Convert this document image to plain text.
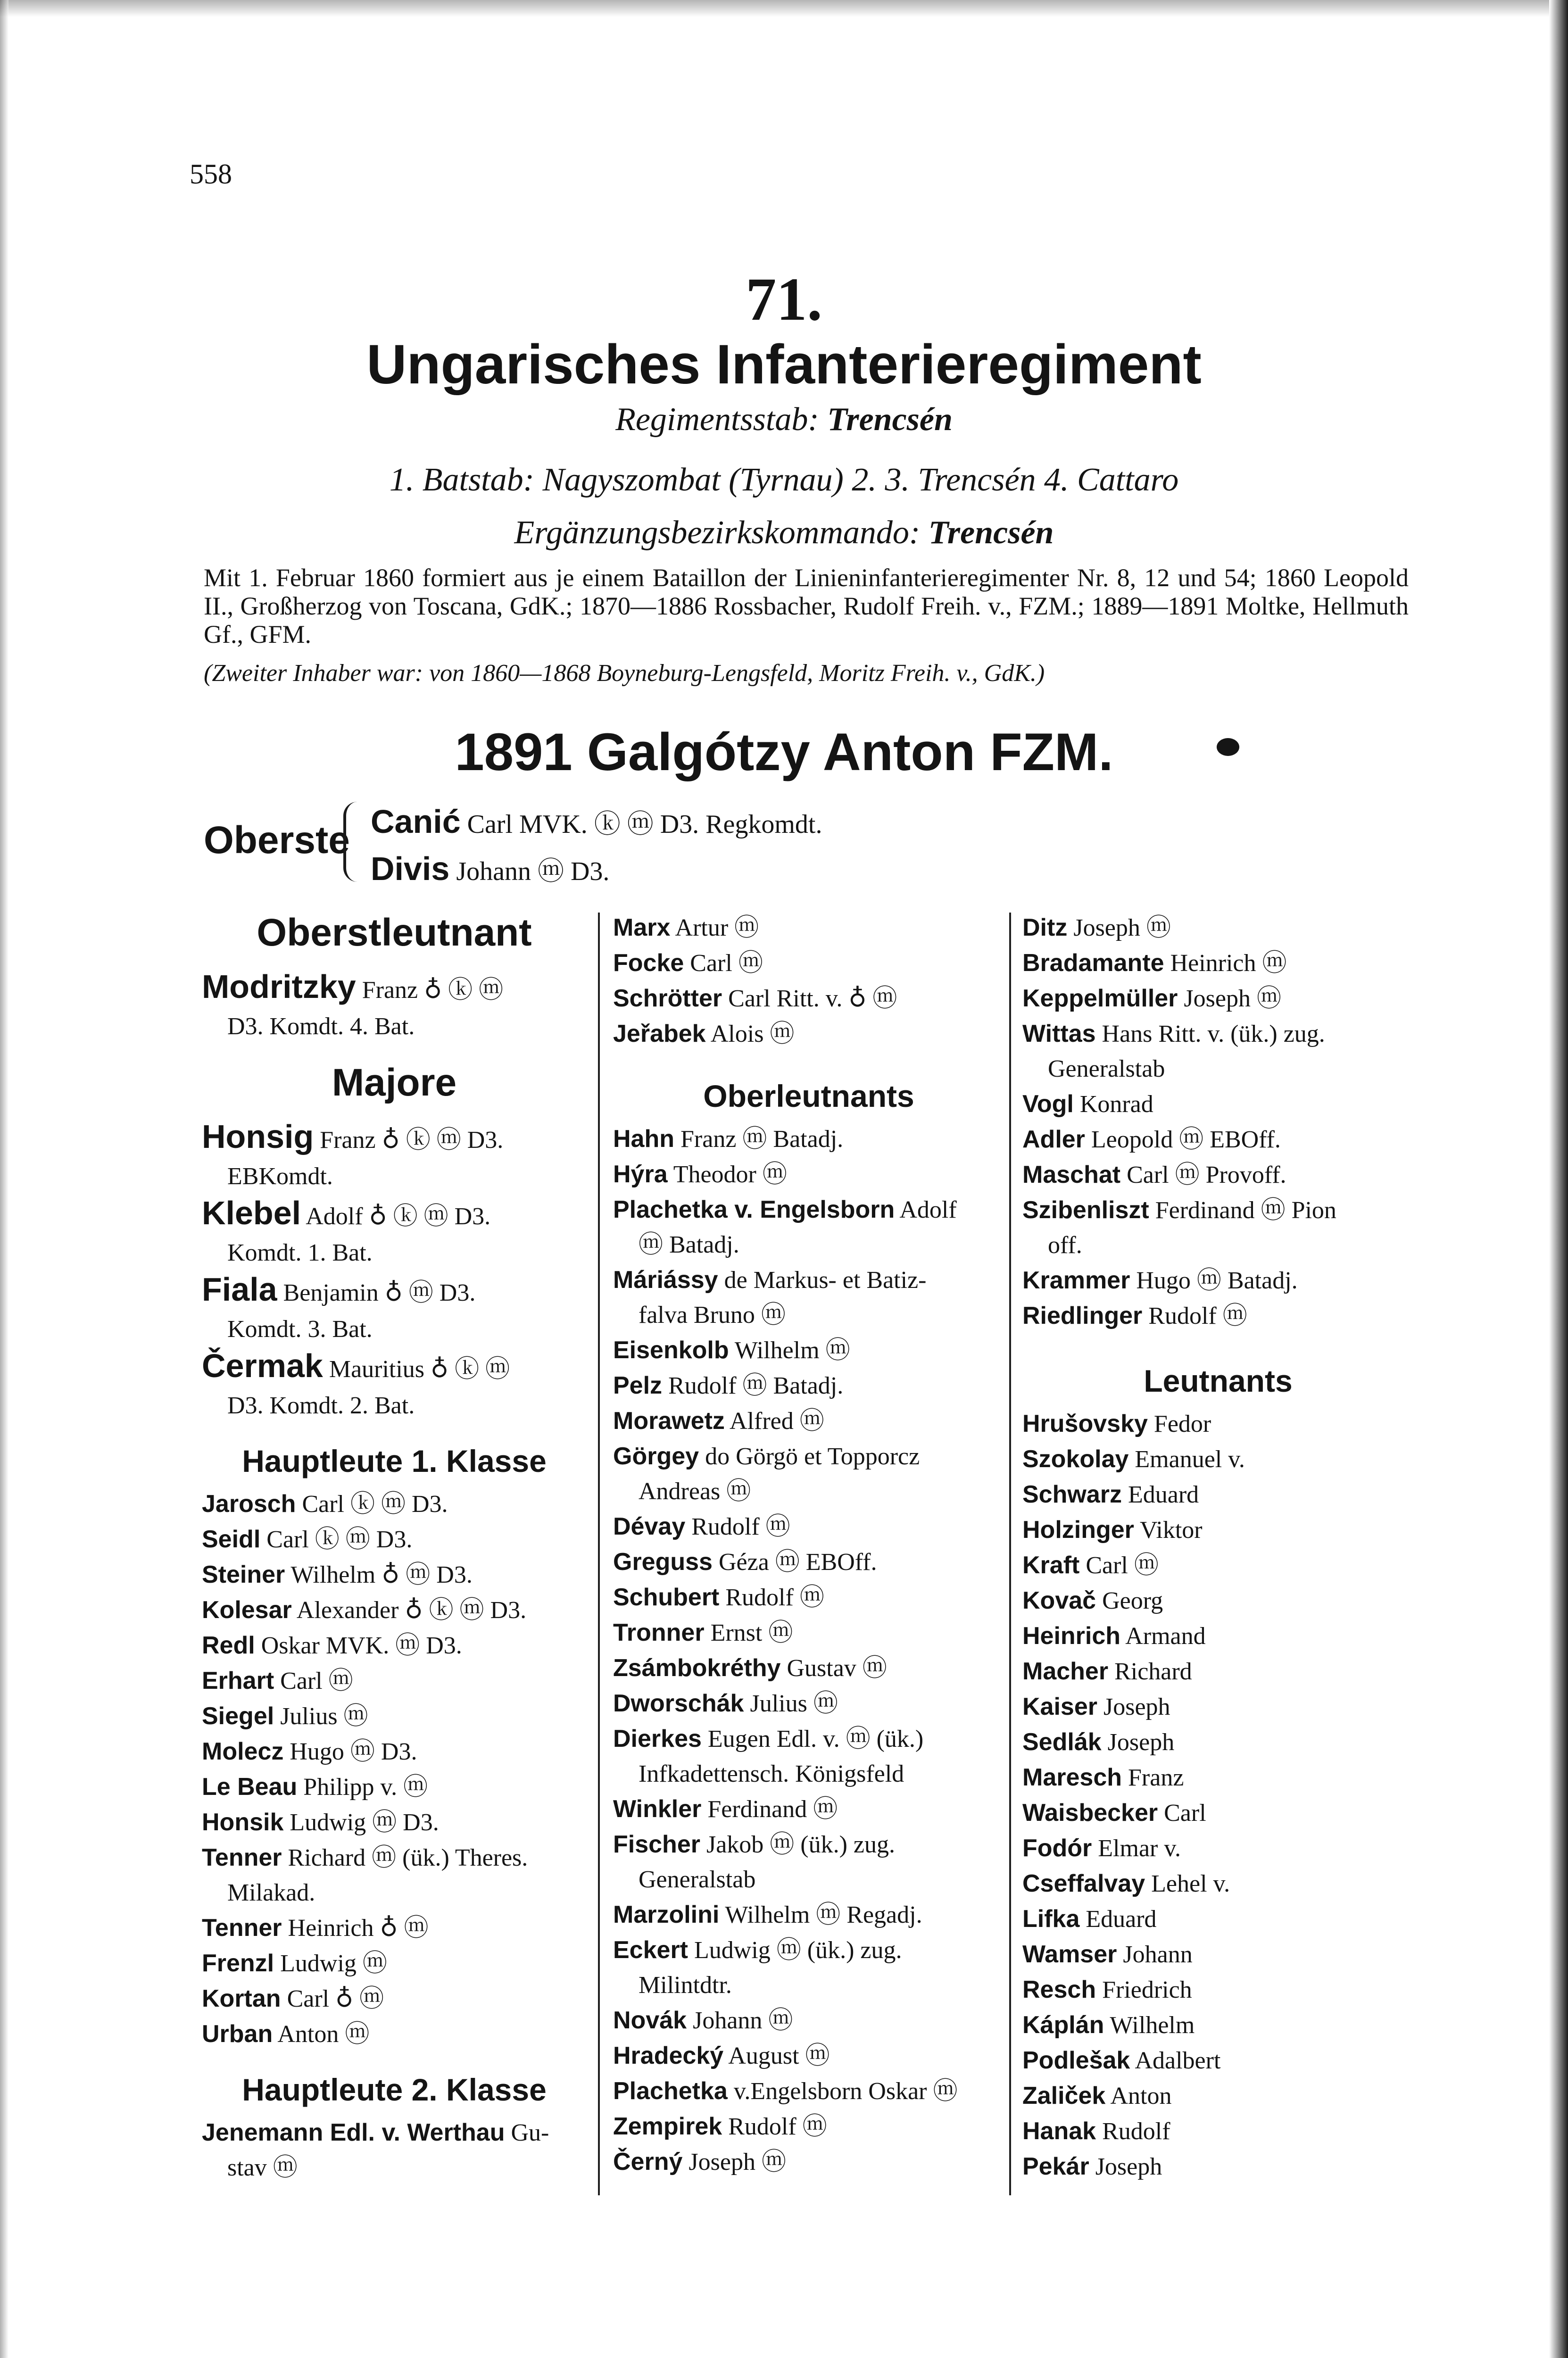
558
71.
Ungarisches Infanterieregiment
Regimentsstab: Trencsén
1. Batstab: Nagyszombat (Tyrnau) 2. 3. Trencsén 4. Cattaro
Ergänzungsbezirkskommando: Trencsén
Mit 1. Februar 1860 formiert aus je einem Bataillon der Linieninfanterieregimenter Nr. 8, 12 und 54; 1860 Leopold II., Großherzog von Toscana, GdK.; 1870—1886 Rossbacher, Rudolf Freih. v., FZM.; 1889—1891 Moltke, Hellmuth Gf., GFM.
(Zweiter Inhaber war: von 1860—1868 Boyneburg-Lengsfeld, Moritz Freih. v., GdK.)
1891 Galgótzy Anton FZM.
Oberste Canić Carl MVK. ⓚ ⓜ D3. Regkomdt.
Divis Johann ⓜ D3.
Oberstleutnant
Modritzky Franz ♁ ⓚ ⓜ
D3. Komdt. 4. Bat.
Majore
Honsig Franz ♁ ⓚ ⓜ D3.
EBKomdt.
Klebel Adolf ♁ ⓚ ⓜ D3.
Komdt. 1. Bat.
Fiala Benjamin ♁ ⓜ D3.
Komdt. 3. Bat.
Čermak Mauritius ♁ ⓚ ⓜ
D3. Komdt. 2. Bat.
Hauptleute 1. Klasse
Jarosch Carl ⓚ ⓜ D3.
Seidl Carl ⓚ ⓜ D3.
Steiner Wilhelm ♁ ⓜ D3.
Kolesar Alexander ♁ ⓚ ⓜ D3.
Redl Oskar MVK. ⓜ D3.
Erhart Carl ⓜ
Siegel Julius ⓜ
Molecz Hugo ⓜ D3.
Le Beau Philipp v. ⓜ
Honsik Ludwig ⓜ D3.
Tenner Richard ⓜ (ük.) Theres.
Milakad.
Tenner Heinrich ♁ ⓜ
Frenzl Ludwig ⓜ
Kortan Carl ♁ ⓜ
Urban Anton ⓜ
Hauptleute 2. Klasse
Jenemann Edl. v. Werthau Gu-
stav ⓜ
Marx Artur ⓜ
Focke Carl ⓜ
Schrötter Carl Ritt. v. ♁ ⓜ
Jeřabek Alois ⓜ
Oberleutnants
Hahn Franz ⓜ Batadj.
Hýra Theodor ⓜ
Plachetka v. Engelsborn Adolf
ⓜ Batadj.
Máriássy de Markus- et Batiz-
falva Bruno ⓜ
Eisenkolb Wilhelm ⓜ
Pelz Rudolf ⓜ Batadj.
Morawetz Alfred ⓜ
Görgey do Görgö et Topporcz
Andreas ⓜ
Dévay Rudolf ⓜ
Greguss Géza ⓜ EBOff.
Schubert Rudolf ⓜ
Tronner Ernst ⓜ
Zsámbokréthy Gustav ⓜ
Dworschák Julius ⓜ
Dierkes Eugen Edl. v. ⓜ (ük.)
Infkadettensch. Königsfeld
Winkler Ferdinand ⓜ
Fischer Jakob ⓜ (ük.) zug.
Generalstab
Marzolini Wilhelm ⓜ Regadj.
Eckert Ludwig ⓜ (ük.) zug.
Milintdtr.
Novák Johann ⓜ
Hradecký August ⓜ
Plachetka v.Engelsborn Oskar ⓜ
Zempirek Rudolf ⓜ
Černý Joseph ⓜ
Ditz Joseph ⓜ
Bradamante Heinrich ⓜ
Keppelmüller Joseph ⓜ
Wittas Hans Ritt. v. (ük.) zug.
Generalstab
Vogl Konrad
Adler Leopold ⓜ EBOff.
Maschat Carl ⓜ Provoff.
Szibenliszt Ferdinand ⓜ Pion
off.
Krammer Hugo ⓜ Batadj.
Riedlinger Rudolf ⓜ
Leutnants
Hrušovsky Fedor
Szokolay Emanuel v.
Schwarz Eduard
Holzinger Viktor
Kraft Carl ⓜ
Kovač Georg
Heinrich Armand
Macher Richard
Kaiser Joseph
Sedlák Joseph
Maresch Franz
Waisbecker Carl
Fodór Elmar v.
Cseffalvay Lehel v.
Lifka Eduard
Wamser Johann
Resch Friedrich
Káplán Wilhelm
Podlešak Adalbert
Zaliček Anton
Hanak Rudolf
Pekár Joseph
